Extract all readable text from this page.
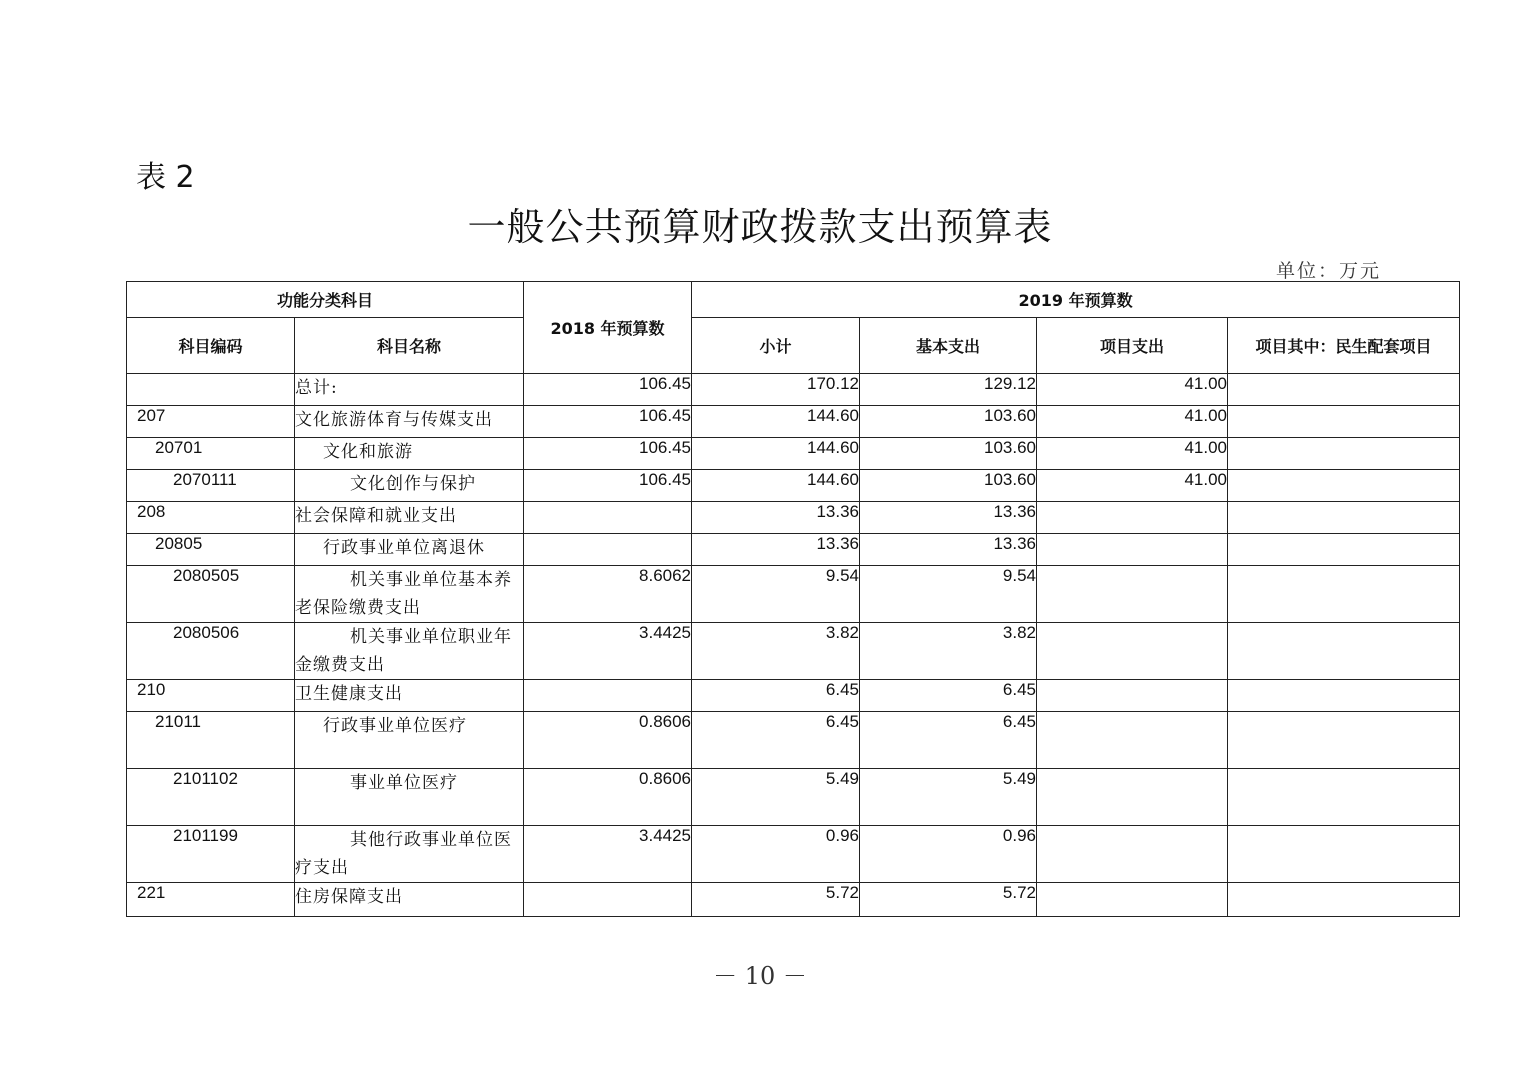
表 2
一般公共预算财政拨款支出预算表
单位：万元
功能分类科目		2018 年预算数	2019 年预算数			
科目编码	科目名称		小计	基本支出	项目支出	项目其中：民生配套项目
	总计:	106.45	170.12	129.12	41.00	
207	文化旅游体育与传媒支出	106.45	144.60	103.60	41.00	
20701	文化和旅游	106.45	144.60	103.60	41.00	
2070111	文化创作与保护	106.45	144.60	103.60	41.00	
208	社会保障和就业支出		13.36	13.36		
20805	行政事业单位离退休		13.36	13.36		
2080505	机关事业单位基本养老保险缴费支出	8.6062	9.54	9.54		
2080506	机关事业单位职业年金缴费支出	3.4425	3.82	3.82		
210	卫生健康支出		6.45	6.45		
21011	行政事业单位医疗	0.8606	6.45	6.45		
2101102	事业单位医疗	0.8606	5.49	5.49		
2101199	其他行政事业单位医疗支出	3.4425	0.96	0.96		
221	住房保障支出		5.72	5.72		
－ 10 －
